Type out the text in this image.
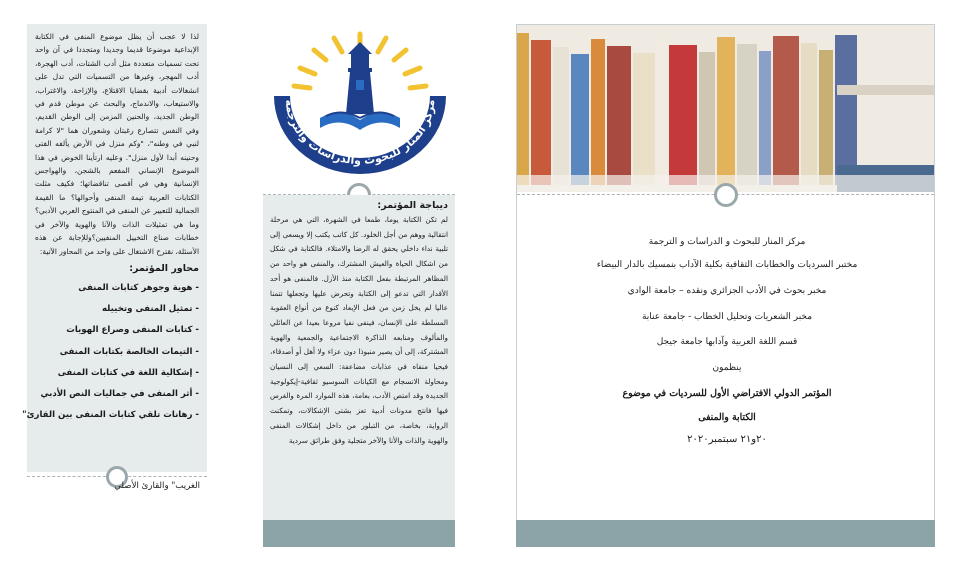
لذا لا عجب أن يظل موضوع المنفى في الكتابة الإبداعية موضوعا قديما وجديدا ومتجددا في آن واحد تحت تسميات متعددة مثل أدب الشتات، أدب الهجرة، أدب المهجر، وغيرها من التسميات التي تدل على انشغالات أدبية بقضايا الاقتلاع، والإزاحة، والاغتراب، والاستيعاب، والاندماج، والبحث عن موطن قدم في الوطن الجديد، والحنين المزمن إلى الوطن القديم، وفي النفس تتصارع رغبتان وشعوران هما "لا كرامة لنبي في وطنه"، "وكم منزل في الأرض يألفه الفتى وحنينه أبدا لأول منزل". وعليه ارتأينا الخوض في هذا الموضوع الإنساني المفعم بالشجن، والهواجس الإنسانية وهي في أقصى تناقضاتها؛ فكيف مثلت الكتابات العربية تيمة المنفى وأحوالها؟ ما القيمة الجمالية للتعبير عن المنفى في المنتوج العربي الأدبي؟ وما هي تمثيلات الذات والآنا والهوية والآخر في خطابات صناع التخييل المنفيين؟وللإجابة عن هذه الأسئلة، نقترح الاشتغال على واحد من المحاور الآتية:

محاور المؤتمر:

- هوية وجوهر كتابات المنفى
- تمثيل المنفى وتخييله
- كتابات المنفى وصراع الهويات
- التيمات الخالصة بكتابات المنفى
- إشكالية اللغة في كتابات المنفى
- أثر المنفى في جماليات النص الأدبي
- رهانات تلقي كتابات المنفى بين القارئ"
الغريب" والقارئ الأصلي
مركز المنار للبحوث والدراسات والترجمة

ديباجة المؤتمر:

لم تكن الكتابة يوما، طمعا في الشهرة، التي هي مرحلة انتقالية ووهم من أجل الخلود. كل كاتب يكتب إلا ويسعى إلى تلبية نداء داخلي يحقق له الرضا والامتلاء. فالكتابة في شكل من اشكال الحياة والعيش المشترك، والمنفى هو واحد من المظاهر المرتبطة بفعل الكتابة منذ الأزل. فالمنفى هو أحد الأقدار التي تدعو إلى الكتابة وتحرض عليها وتجعلها تتمنا عاليا لم يخل زمن من فعل الإبعاد كنوع من أنواع العقوبة المسلطة على الإنسان، فينفى نفيا مروعا بعيدا عن العائلي والمألوف ومنابعه الذاكرة الاجتماعية والجمعية والهوية المشتركة، إلى أن يصير منبوذا دون عزاء ولا أهل أو أصدقاء، فيحيا منفاه في عذابات مضاعفة: السعي إلى النسيان ومحاولة الانسجام مع الكيانات السوسيو ثقافية-إيكولوجية الجديدة وقد امتص الأدب، بعامة، هذه الموارد المرة والغرس فيها فانتج مدونات أدبية تعز بشتى الإشكالات، وتمكنت الرواية، بخاصة، من التبلور من داخل إشكالات المنفى والهوية والذات والأنا والآخر متجلية وفق طرائق سردية

مركز المنار للبحوث و الدراسات و الترجمة

مختبر السرديات والخطابات الثقافية بكلية الآداب بنمسيك بالدار البيضاء

مخبر بحوث في الأدب الجزائري ونقده – جامعة الوادي

مخبر الشعريات وتحليل الخطاب - جامعة عنابة

قسم اللغة العربية وآدابها جامعة جيجل

ينظمون

المؤتمر الدولي الافتراضي الأول للسرديات في موضوع

الكتابة والمنفى

٢٠و٢١ سبتمبر٢٠٢٠
